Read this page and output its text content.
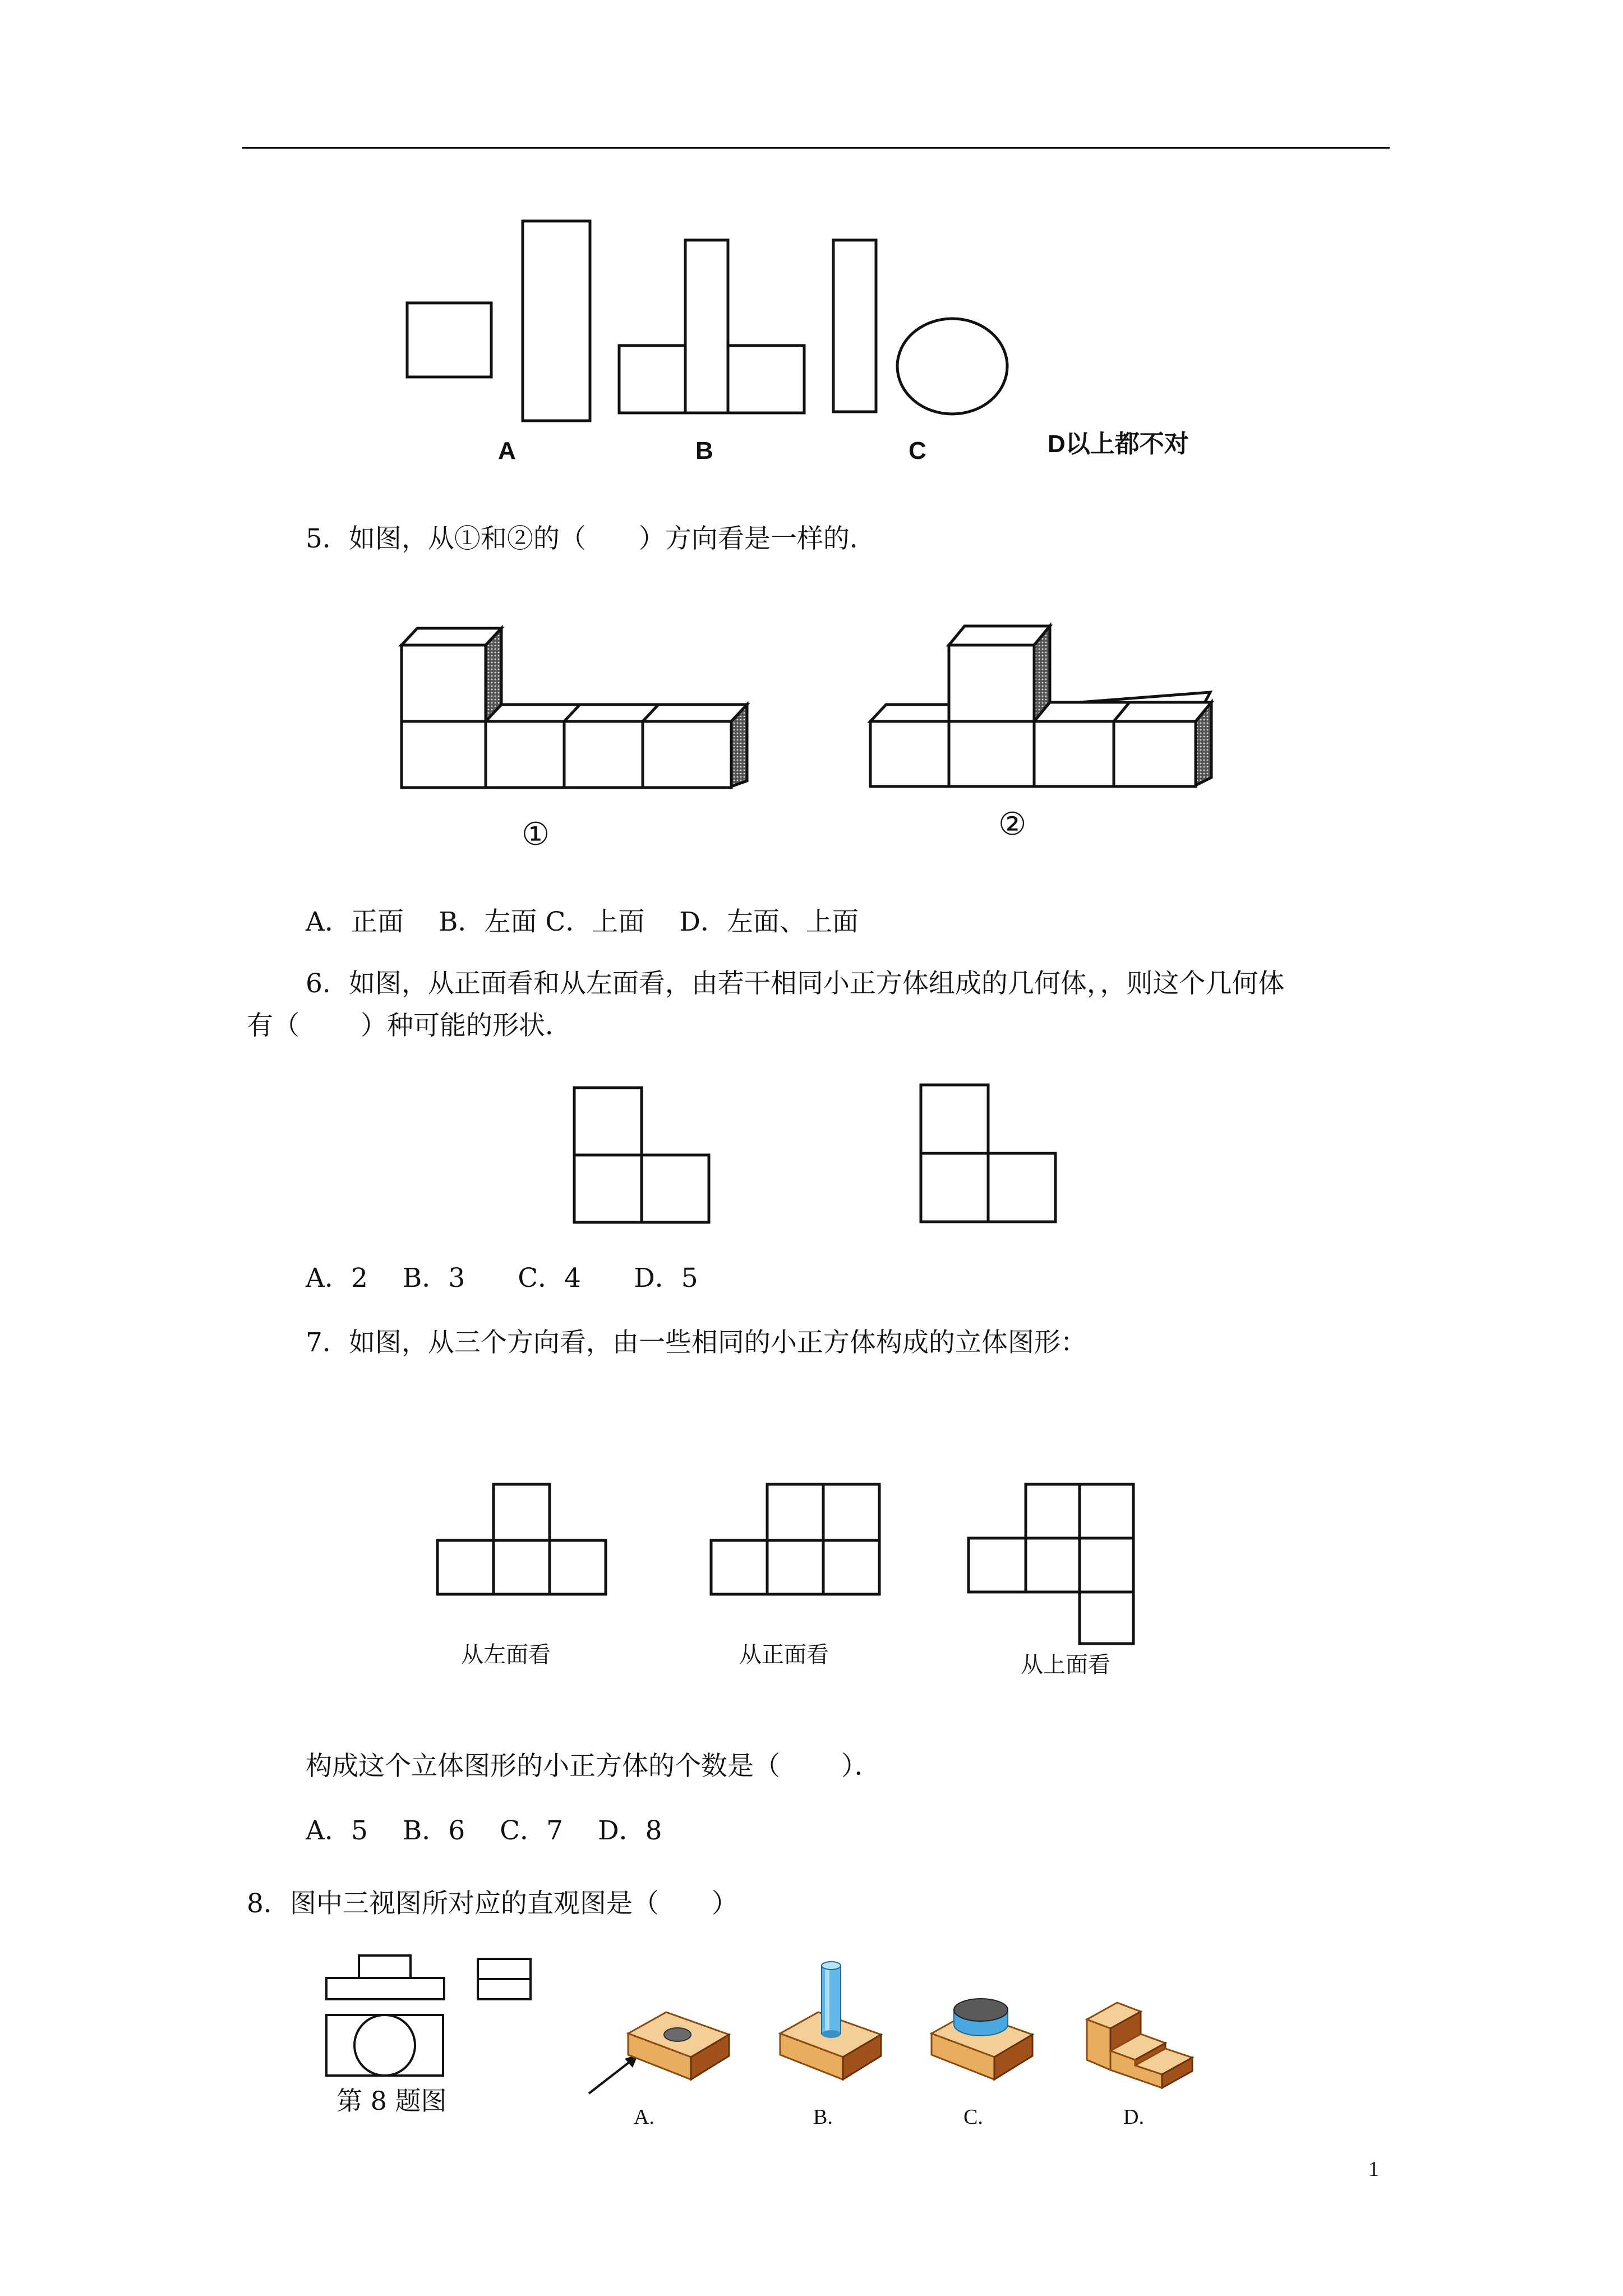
A	B	C	D以上都不对
5．如图，从①和②的（　　）方向看是一样的．
①	②
A．正面　 B．左面 C．上面　 D．左面、上面
6．如图，从正面看和从左面看，由若干相同小正方体组成的几何体，，则这个几何体
有（　　 ）种可能的形状．
A．2　 B．3　　C．4　　D．5
7．如图，从三个方向看，由一些相同的小正方体构成的立体图形：
从左面看	从正面看	从上面看
构成这个立体图形的小正方体的个数是（　　 ）．
A．5　 B．6　 C．7　 D．8
8．图中三视图所对应的直观图是（　　）
第 8 题图
A.	B.	C.	D.
1
